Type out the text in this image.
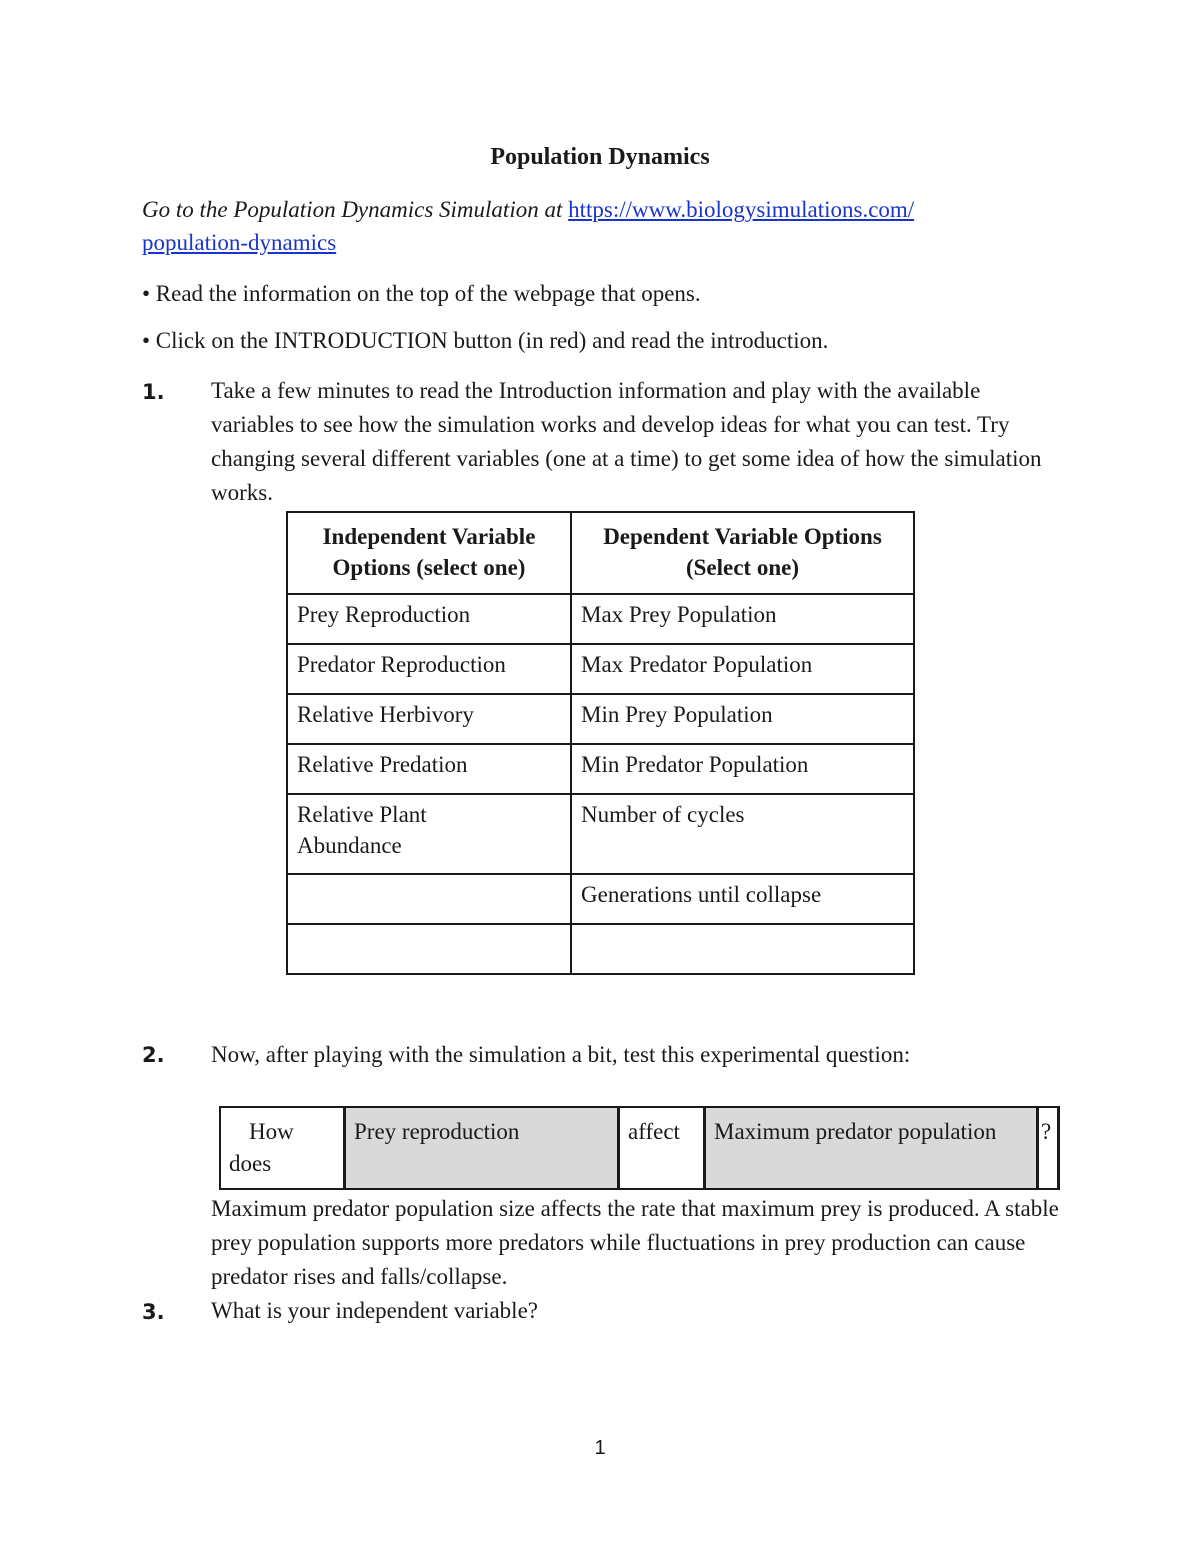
Population Dynamics
Go to the Population Dynamics Simulation at https://www.biologysimulations.com/
population-dynamics
• Read the information on the top of the webpage that opens.
• Click on the INTRODUCTION button (in red) and read the introduction.
1. Take a few minutes to read the Introduction information and play with the available variables to see how the simulation works and develop ideas for what you can test. Try changing several different variables (one at a time) to get some idea of how the simulation works.
Independent Variable Options (select one)	Dependent Variable Options (Select one)
Prey Reproduction	Max Prey Population
Predator Reproduction	Max Predator Population
Relative Herbivory	Min Prey Population
Relative Predation	Min Predator Population
Relative Plant Abundance	Number of cycles
	Generations until collapse

2. Now, after playing with the simulation a bit, test this experimental question:
How does	Prey reproduction	affect	Maximum predator population	?
Maximum predator population size affects the rate that maximum prey is produced. A stable prey population supports more predators while fluctuations in prey production can cause predator rises and falls/collapse.
3. What is your independent variable?
1
